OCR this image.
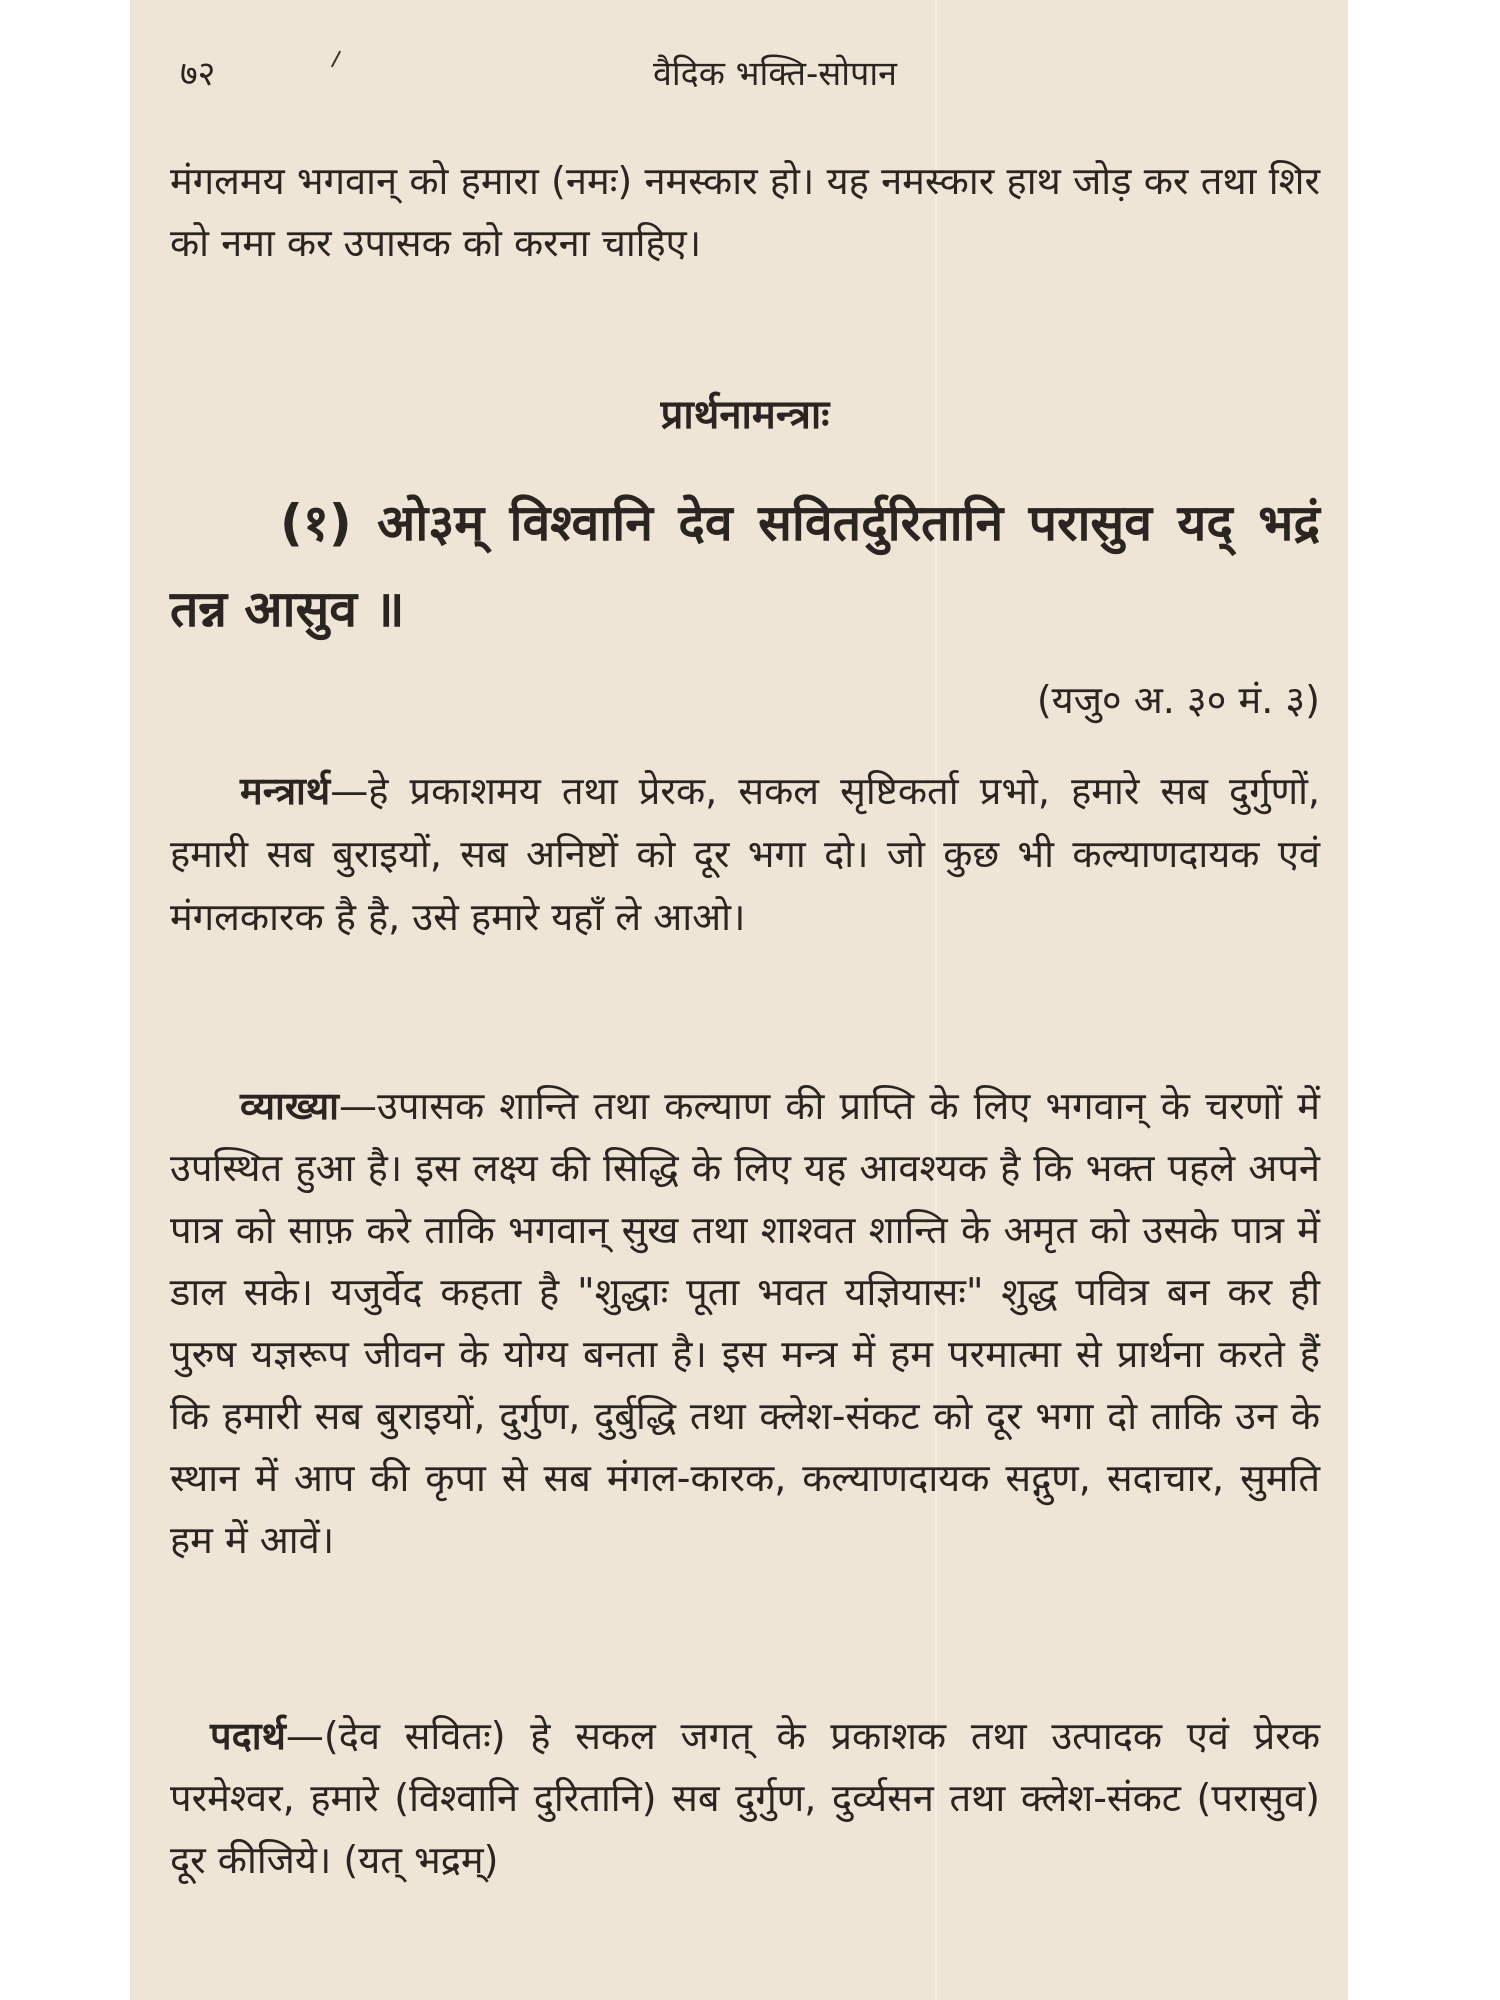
७२	वैदिक भक्ति-सोपान

मंगलमय भगवान् को हमारा (नमः) नमस्कार हो। यह नमस्कार हाथ जोड़ कर तथा शिर को नमा कर उपासक को करना चाहिए।

प्रार्थनामन्त्राः

(१) ओ३म् विश्वानि देव सवितर्दुरितानि परासुव यद् भद्रं तन्न आसुव ॥

(यजु० अ. ३० मं. ३)

मन्त्रार्थ—हे प्रकाशमय तथा प्रेरक, सकल सृष्टिकर्ता प्रभो, हमारे सब दुर्गुणों, हमारी सब बुराइयों, सब अनिष्टों को दूर भगा दो। जो कुछ भी कल्याणदायक एवं मंगलकारक है है, उसे हमारे यहाँ ले आओ।

व्याख्या—उपासक शान्ति तथा कल्याण की प्राप्ति के लिए भगवान् के चरणों में उपस्थित हुआ है। इस लक्ष्य की सिद्धि के लिए यह आवश्यक है कि भक्त पहले अपने पात्र को साफ़ करे ताकि भगवान् सुख तथा शाश्वत शान्ति के अमृत को उसके पात्र में डाल सके। यजुर्वेद कहता है "शुद्धाः पूता भवत यज्ञियासः" शुद्ध पवित्र बन कर ही पुरुष यज्ञरूप जीवन के योग्य बनता है। इस मन्त्र में हम परमात्मा से प्रार्थना करते हैं कि हमारी सब बुराइयों, दुर्गुण, दुर्बुद्धि तथा क्लेश-संकट को दूर भगा दो ताकि उन के स्थान में आप की कृपा से सब मंगल-कारक, कल्याणदायक सद्गुण, सदाचार, सुमति हम में आवें।

पदार्थ—(देव सवितः) हे सकल जगत् के प्रकाशक तथा उत्पादक एवं प्रेरक परमेश्वर, हमारे (विश्वानि दुरितानि) सब दुर्गुण, दुर्व्यसन तथा क्लेश-संकट (परासुव) दूर कीजिये। (यत् भद्रम्)
